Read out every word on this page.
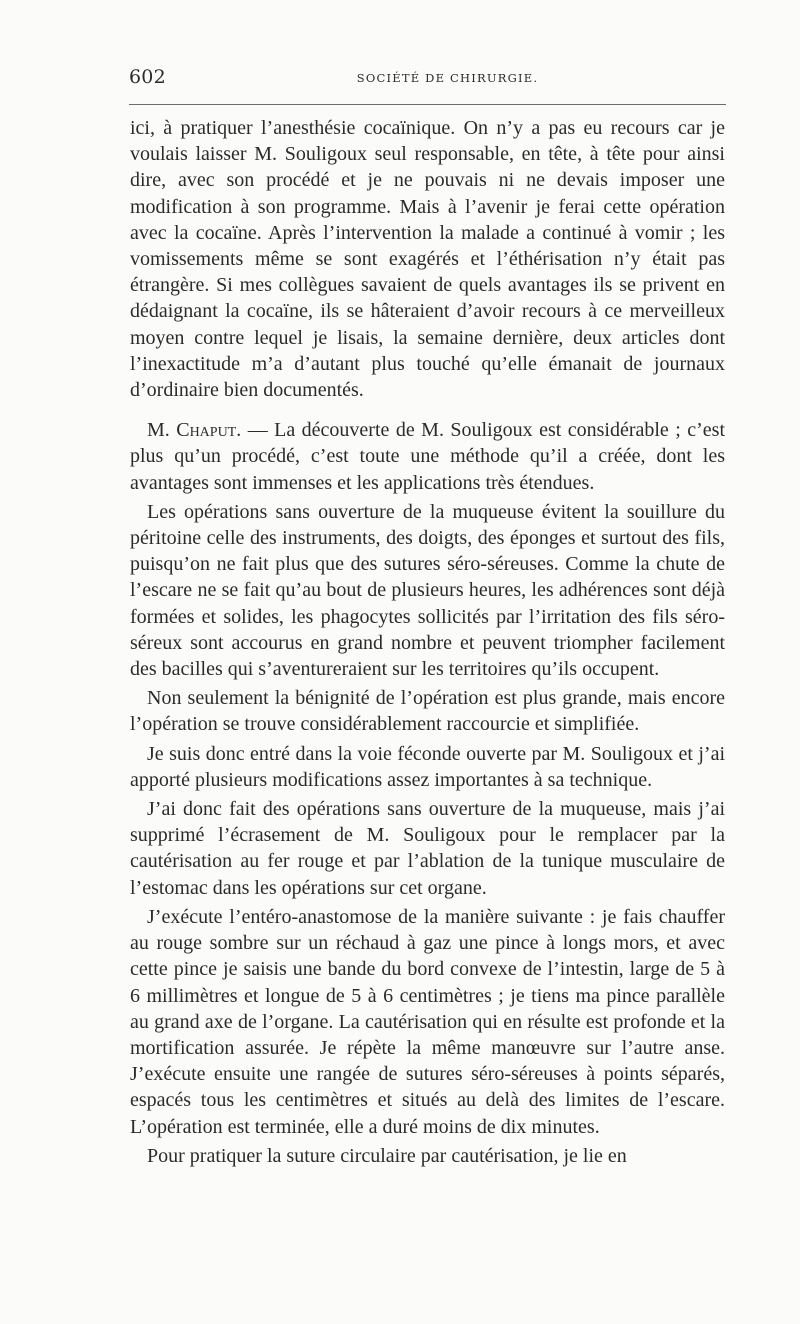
602	SOCIÉTÉ DE CHIRURGIE.

ici, à pratiquer l’anesthésie cocaïnique. On n’y a pas eu recours car je voulais laisser M. Souligoux seul responsable, en tête, à tête pour ainsi dire, avec son procédé et je ne pouvais ni ne devais imposer une modification à son programme. Mais à l’avenir je ferai cette opération avec la cocaïne. Après l’intervention la malade a continué à vomir ; les vomissements même se sont exagérés et l’éthérisation n’y était pas étrangère. Si mes collègues savaient de quels avantages ils se privent en dédaignant la cocaïne, ils se hâteraient d’avoir recours à ce merveilleux moyen contre lequel je lisais, la semaine dernière, deux articles dont l’inexactitude m’a d’autant plus touché qu’elle émanait de journaux d’ordinaire bien documentés.

M. Chaput. — La découverte de M. Souligoux est considérable ; c’est plus qu’un procédé, c’est toute une méthode qu’il a créée, dont les avantages sont immenses et les applications très étendues.

Les opérations sans ouverture de la muqueuse évitent la souillure du péritoine celle des instruments, des doigts, des éponges et surtout des fils, puisqu’on ne fait plus que des sutures séro-séreuses. Comme la chute de l’escare ne se fait qu’au bout de plusieurs heures, les adhérences sont déjà formées et solides, les phagocytes sollicités par l’irritation des fils séro-séreux sont accourus en grand nombre et peuvent triompher facilement des bacilles qui s’aventureraient sur les territoires qu’ils occupent.

Non seulement la bénignité de l’opération est plus grande, mais encore l’opération se trouve considérablement raccourcie et simplifiée.

Je suis donc entré dans la voie féconde ouverte par M. Souligoux et j’ai apporté plusieurs modifications assez importantes à sa technique.

J’ai donc fait des opérations sans ouverture de la muqueuse, mais j’ai supprimé l’écrasement de M. Souligoux pour le remplacer par la cautérisation au fer rouge et par l’ablation de la tunique musculaire de l’estomac dans les opérations sur cet organe.

J’exécute l’entéro-anastomose de la manière suivante : je fais chauffer au rouge sombre sur un réchaud à gaz une pince à longs mors, et avec cette pince je saisis une bande du bord convexe de l’intestin, large de 5 à 6 millimètres et longue de 5 à 6 centimètres ; je tiens ma pince parallèle au grand axe de l’organe. La cautérisation qui en résulte est profonde et la mortification assurée. Je répète la même manœuvre sur l’autre anse. J’exécute ensuite une rangée de sutures séro-séreuses à points séparés, espacés tous les centimètres et situés au delà des limites de l’escare. L’opération est terminée, elle a duré moins de dix minutes.

Pour pratiquer la suture circulaire par cautérisation, je lie en
